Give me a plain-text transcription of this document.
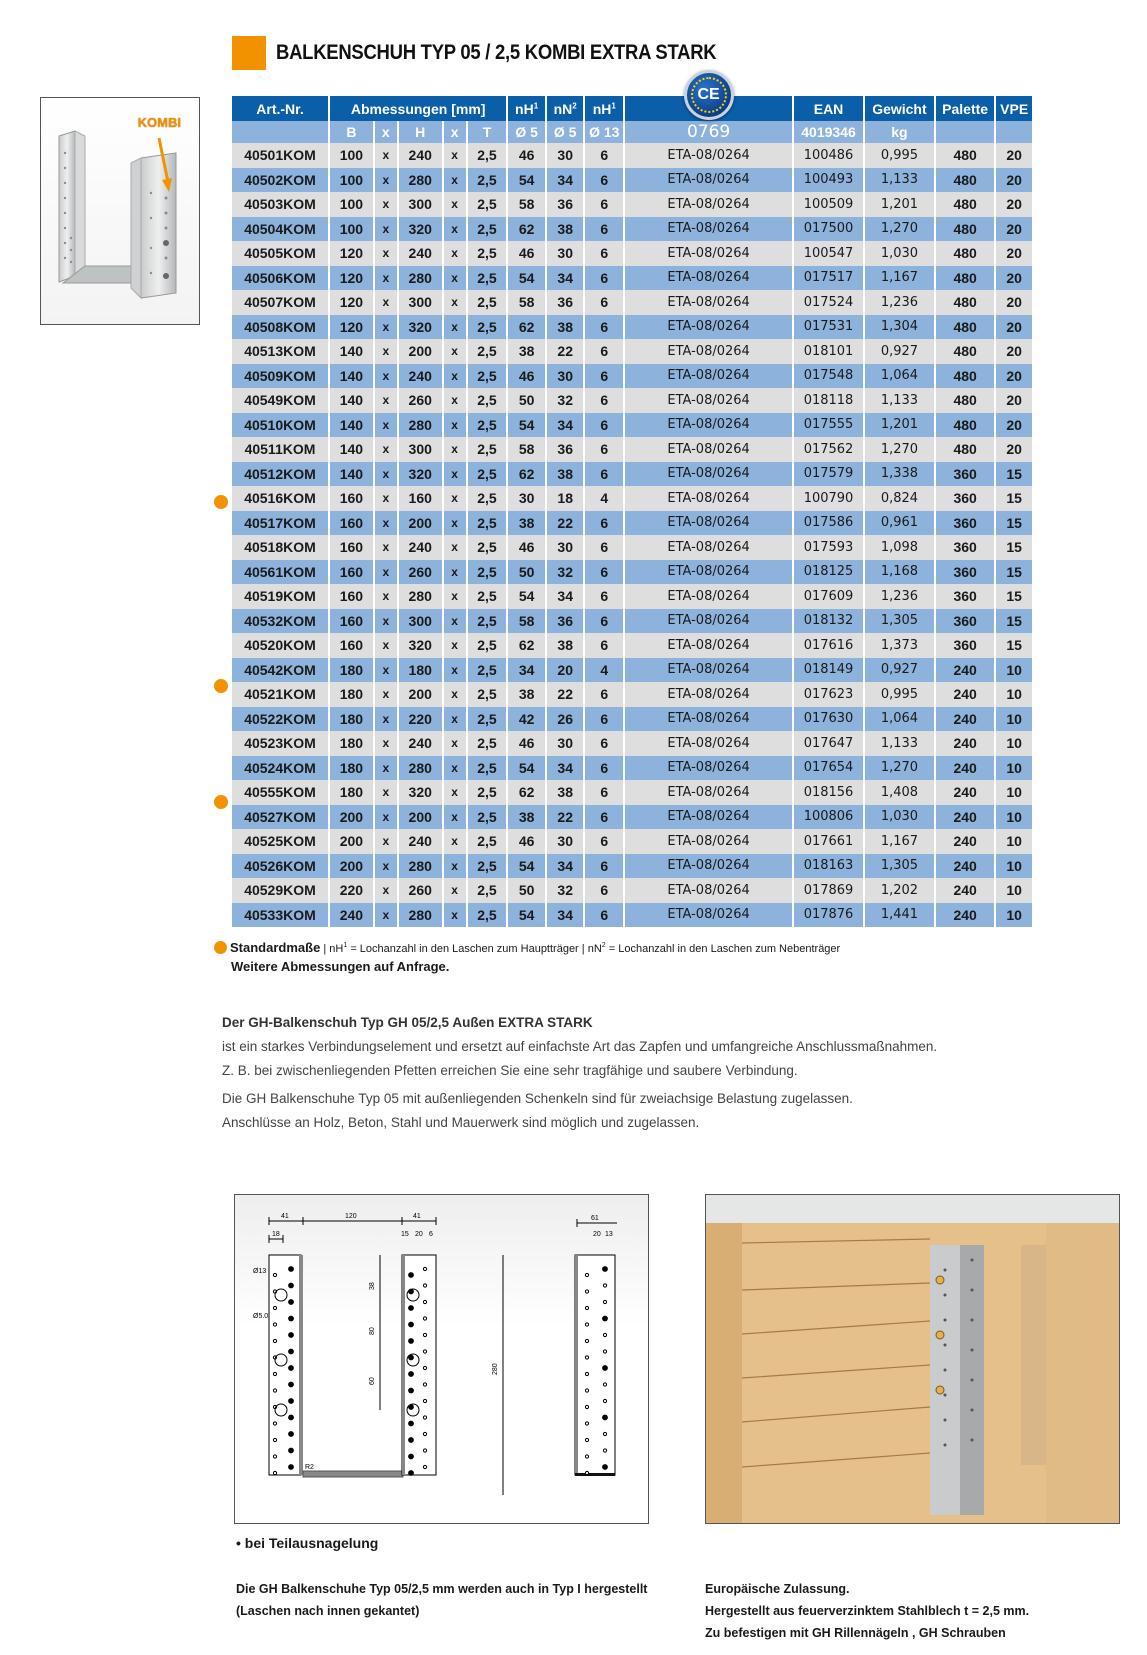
BALKENSCHUH TYP 05 / 2,5 KOMBI EXTRA STARK
KOMBI
Art.-Nr.	Abmessungen [mm]					$nH^1$	$nN^2$	$nH^1$	CE	EAN	Gewicht	Palette	VPE
	B	x	H	x	T	Ø 5	Ø 5	Ø 13	0769	4019346	kg		
40501KOM	100	x	240	x	2,5	46	30	6	ETA-08/0264	100486	0,995	480	20
40502KOM	100	x	280	x	2,5	54	34	6	ETA-08/0264	100493	1,133	480	20
40503KOM	100	x	300	x	2,5	58	36	6	ETA-08/0264	100509	1,201	480	20
40504KOM	100	x	320	x	2,5	62	38	6	ETA-08/0264	017500	1,270	480	20
40505KOM	120	x	240	x	2,5	46	30	6	ETA-08/0264	100547	1,030	480	20
40506KOM	120	x	280	x	2,5	54	34	6	ETA-08/0264	017517	1,167	480	20
40507KOM	120	x	300	x	2,5	58	36	6	ETA-08/0264	017524	1,236	480	20
40508KOM	120	x	320	x	2,5	62	38	6	ETA-08/0264	017531	1,304	480	20
40513KOM	140	x	200	x	2,5	38	22	6	ETA-08/0264	018101	0,927	480	20
40509KOM	140	x	240	x	2,5	46	30	6	ETA-08/0264	017548	1,064	480	20
40549KOM	140	x	260	x	2,5	50	32	6	ETA-08/0264	018118	1,133	480	20
40510KOM	140	x	280	x	2,5	54	34	6	ETA-08/0264	017555	1,201	480	20
40511KOM	140	x	300	x	2,5	58	36	6	ETA-08/0264	017562	1,270	480	20
40512KOM	140	x	320	x	2,5	62	38	6	ETA-08/0264	017579	1,338	360	15
40516KOM	160	x	160	x	2,5	30	18	4	ETA-08/0264	100790	0,824	360	15
40517KOM	160	x	200	x	2,5	38	22	6	ETA-08/0264	017586	0,961	360	15
40518KOM	160	x	240	x	2,5	46	30	6	ETA-08/0264	017593	1,098	360	15
40561KOM	160	x	260	x	2,5	50	32	6	ETA-08/0264	018125	1,168	360	15
40519KOM	160	x	280	x	2,5	54	34	6	ETA-08/0264	017609	1,236	360	15
40532KOM	160	x	300	x	2,5	58	36	6	ETA-08/0264	018132	1,305	360	15
40520KOM	160	x	320	x	2,5	62	38	6	ETA-08/0264	017616	1,373	360	15
40542KOM	180	x	180	x	2,5	34	20	4	ETA-08/0264	018149	0,927	240	10
40521KOM	180	x	200	x	2,5	38	22	6	ETA-08/0264	017623	0,995	240	10
40522KOM	180	x	220	x	2,5	42	26	6	ETA-08/0264	017630	1,064	240	10
40523KOM	180	x	240	x	2,5	46	30	6	ETA-08/0264	017647	1,133	240	10
40524KOM	180	x	280	x	2,5	54	34	6	ETA-08/0264	017654	1,270	240	10
40555KOM	180	x	320	x	2,5	62	38	6	ETA-08/0264	018156	1,408	240	10
40527KOM	200	x	200	x	2,5	38	22	6	ETA-08/0264	100806	1,030	240	10
40525KOM	200	x	240	x	2,5	46	30	6	ETA-08/0264	017661	1,167	240	10
40526KOM	200	x	280	x	2,5	54	34	6	ETA-08/0264	018163	1,305	240	10
40529KOM	220	x	260	x	2,5	50	32	6	ETA-08/0264	017869	1,202	240	10
40533KOM	240	x	280	x	2,5	54	34	6	ETA-08/0264	017876	1,441	240	10
Standardmaße | $nH^1$ = Lochanzahl in den Laschen zum Hauptträger | $nN^2$ = Lochanzahl in den Laschen zum Nebenträger
Weitere Abmessungen auf Anfrage.
Der GH-Balkenschuh Typ GH 05/2,5 Außen EXTRA STARK
ist ein starkes Verbindungselement und ersetzt auf einfachste Art das Zapfen und umfangreiche Anschlussmaßnahmen.
Z. B. bei zwischenliegenden Pfetten erreichen Sie eine sehr tragfähige und saubere Verbindung.
Die GH Balkenschuhe Typ 05 mit außenliegenden Schenkeln sind für zweiachsige Belastung zugelassen.
Anschlüsse an Holz, Beton, Stahl und Mauerwerk sind möglich und zugelassen.
41	120	41	61
18	15 20 6	20 13
Ø13
Ø5.0
38
80
60
280
R2
• bei Teilausnagelung
Die GH Balkenschuhe Typ 05/2,5 mm werden auch in Typ I hergestellt
(Laschen nach innen gekantet)
Europäische Zulassung.
Hergestellt aus feuerverzinktem Stahlblech t = 2,5 mm.
Zu befestigen mit GH Rillennägeln , GH Schrauben
